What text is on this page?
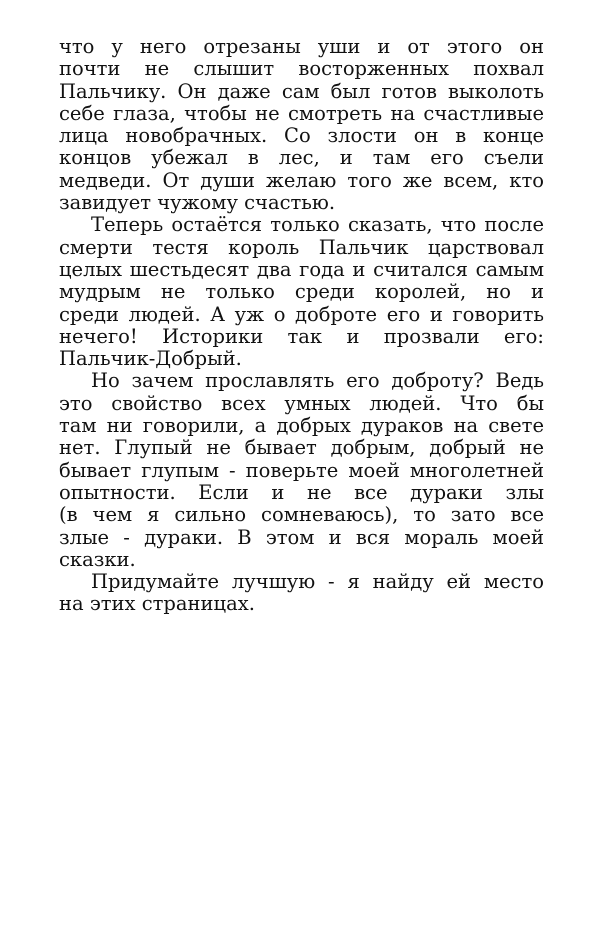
что у него отрезаны уши и от этого он
почти не слышит восторженных похвал
Пальчику. Он даже сам был готов выколоть
себе глаза, чтобы не смотреть на счастливые
лица новобрачных. Со злости он в конце
концов убежал в лес, и там его съели
медведи. От души желаю того же всем, кто
завидует чужому счастью.
Теперь остаётся только сказать, что после
смерти тестя король Пальчик царствовал
целых шестьдесят два года и считался самым
мудрым не только среди королей, но и
среди людей. А уж о доброте его и говорить
нечего! Историки так и прозвали его:
Пальчик-Добрый.
Но зачем прославлять его доброту? Ведь
это свойство всех умных людей. Что бы
там ни говорили, а добрых дураков на свете
нет. Глупый не бывает добрым, добрый не
бывает глупым - поверьте моей многолетней
опытности. Если и не все дураки злы
(в чем я сильно сомневаюсь), то зато все
злые - дураки. В этом и вся мораль моей
сказки.
Придумайте лучшую - я найду ей место
на этих страницах.
